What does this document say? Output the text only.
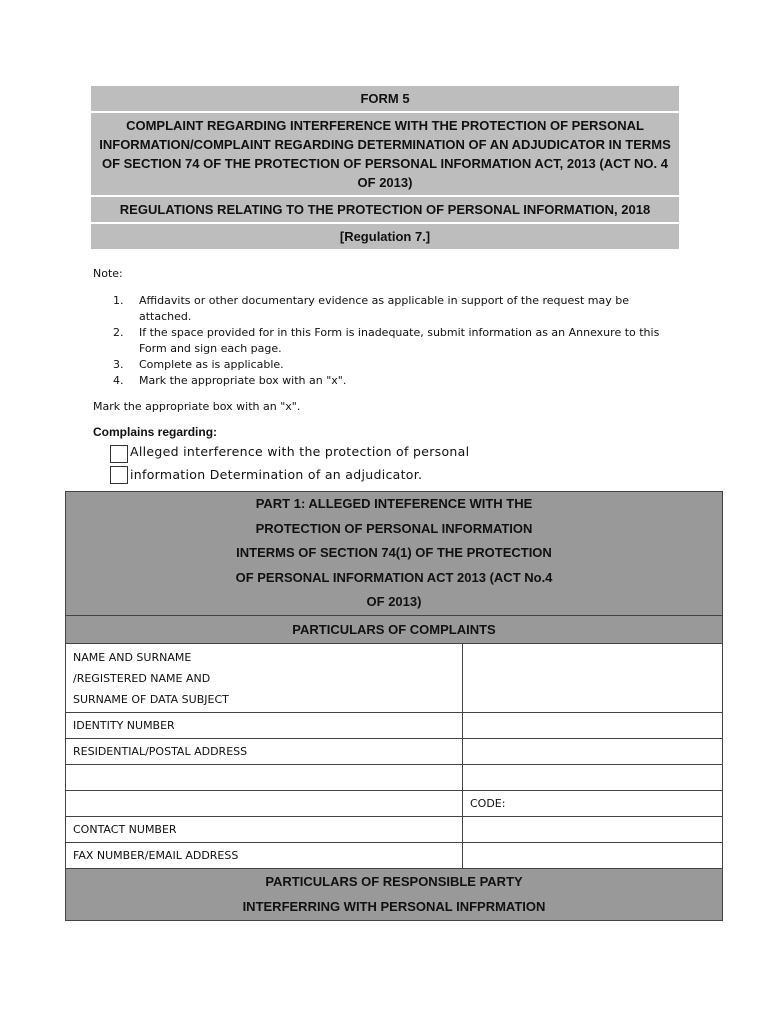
FORM 5
COMPLAINT REGARDING INTERFERENCE WITH THE PROTECTION OF PERSONAL INFORMATION/COMPLAINT REGARDING DETERMINATION OF AN ADJUDICATOR IN TERMS OF SECTION 74 OF THE PROTECTION OF PERSONAL INFORMATION ACT, 2013 (ACT NO. 4 OF 2013)
REGULATIONS RELATING TO THE PROTECTION OF PERSONAL INFORMATION, 2018
[Regulation 7.]
Note:
1.	Affidavits or other documentary evidence as applicable in support of the request may be attached.
2.	If the space provided for in this Form is inadequate, submit information as an Annexure to this Form and sign each page.
3.	Complete as is applicable.
4.	Mark the appropriate box with an "x".
Mark the appropriate box with an "x".
Complains regarding:
Alleged interference with the protection of personal
information Determination of an adjudicator.
PART 1: ALLEGED INTEFERENCE WITH THE
PROTECTION OF PERSONAL INFORMATION
INTERMS OF SECTION 74(1) OF THE PROTECTION
OF PERSONAL INFORMATION ACT 2013 (ACT No.4
OF 2013)	

PARTICULARS OF COMPLAINTS	

NAME AND SURNAME
/REGISTERED NAME AND
SURNAME OF DATA SUBJECT	

IDENTITY NUMBER	
RESIDENTIAL/POSTAL ADDRESS	

	CODE:
CONTACT NUMBER	
FAX NUMBER/EMAIL ADDRESS	

PARTICULARS OF RESPONSIBLE PARTY
INTERFERRING WITH PERSONAL INFPRMATION	
